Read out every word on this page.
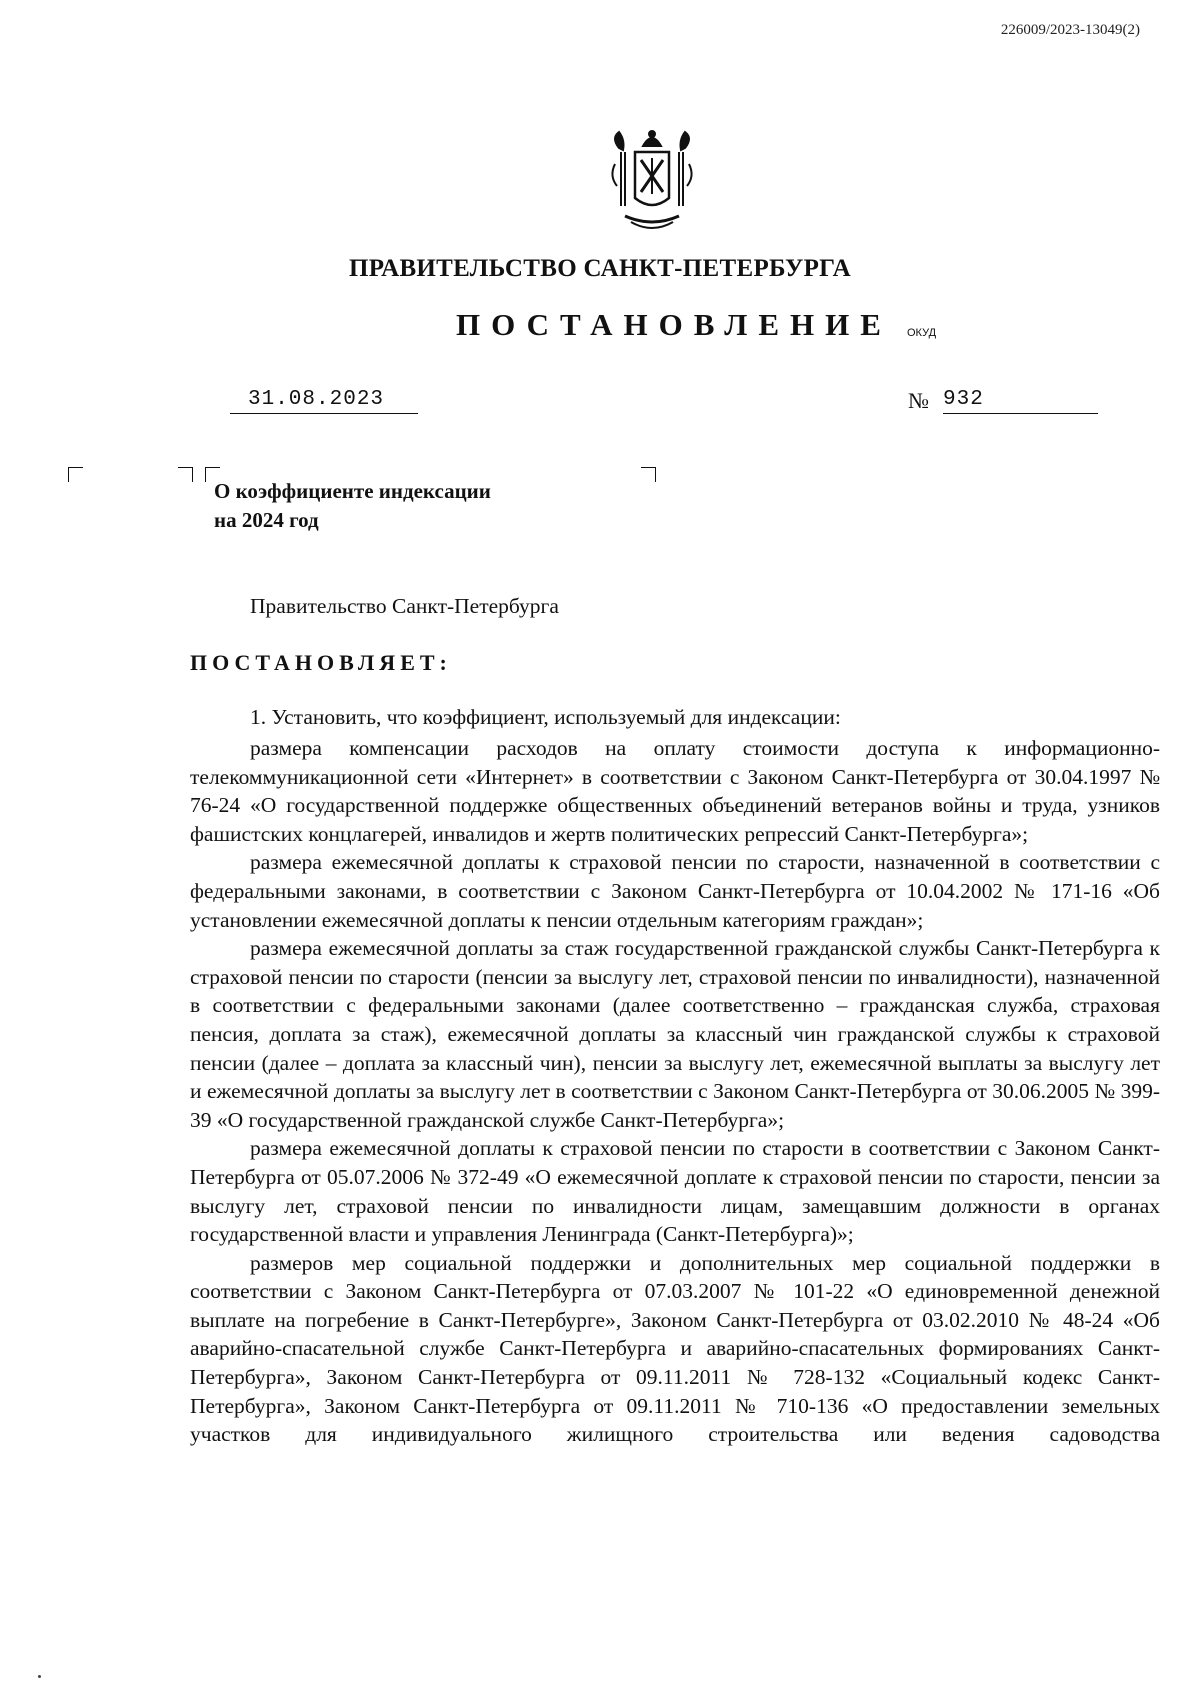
226009/2023-13049(2)
ПРАВИТЕЛЬСТВО САНКТ-ПЕТЕРБУРГА
ПОСТАНОВЛЕНИЕ ОКУД
31.08.2023	№ 932
О коэффициенте индексации
на 2024 год
Правительство Санкт-Петербурга
ПОСТАНОВЛЯЕТ:
1. Установить, что коэффициент, используемый для индексации:

размера компенсации расходов на оплату стоимости доступа к информационно-телекоммуникационной сети «Интернет» в соответствии с Законом Санкт-Петербурга от 30.04.1997 № 76-24 «О государственной поддержке общественных объединений ветеранов войны и труда, узников фашистских концлагерей, инвалидов и жертв политических репрессий Санкт-Петербурга»;

размера ежемесячной доплаты к страховой пенсии по старости, назначенной в соответствии с федеральными законами, в соответствии с Законом Санкт-Петербурга от 10.04.2002 № 171-16 «Об установлении ежемесячной доплаты к пенсии отдельным категориям граждан»;

размера ежемесячной доплаты за стаж государственной гражданской службы Санкт-Петербурга к страховой пенсии по старости (пенсии за выслугу лет, страховой пенсии по инвалидности), назначенной в соответствии с федеральными законами (далее соответственно – гражданская служба, страховая пенсия, доплата за стаж), ежемесячной доплаты за классный чин гражданской службы к страховой пенсии (далее – доплата за классный чин), пенсии за выслугу лет, ежемесячной выплаты за выслугу лет и ежемесячной доплаты за выслугу лет в соответствии с Законом Санкт-Петербурга от 30.06.2005 № 399-39 «О государственной гражданской службе Санкт-Петербурга»;

размера ежемесячной доплаты к страховой пенсии по старости в соответствии с Законом Санкт-Петербурга от 05.07.2006 № 372-49 «О ежемесячной доплате к страховой пенсии по старости, пенсии за выслугу лет, страховой пенсии по инвалидности лицам, замещавшим должности в органах государственной власти и управления Ленинграда (Санкт-Петербурга)»;

размеров мер социальной поддержки и дополнительных мер социальной поддержки в соответствии с Законом Санкт-Петербурга от 07.03.2007 № 101-22 «О единовременной денежной выплате на погребение в Санкт-Петербурге», Законом Санкт-Петербурга от 03.02.2010 № 48-24 «Об аварийно-спасательной службе Санкт-Петербурга и аварийно-спасательных формированиях Санкт-Петербурга», Законом Санкт-Петербурга от 09.11.2011 № 728-132 «Социальный кодекс Санкт-Петербурга», Законом Санкт-Петербурга от 09.11.2011 № 710-136 «О предоставлении земельных участков для индивидуального жилищного строительства или ведения садоводства
